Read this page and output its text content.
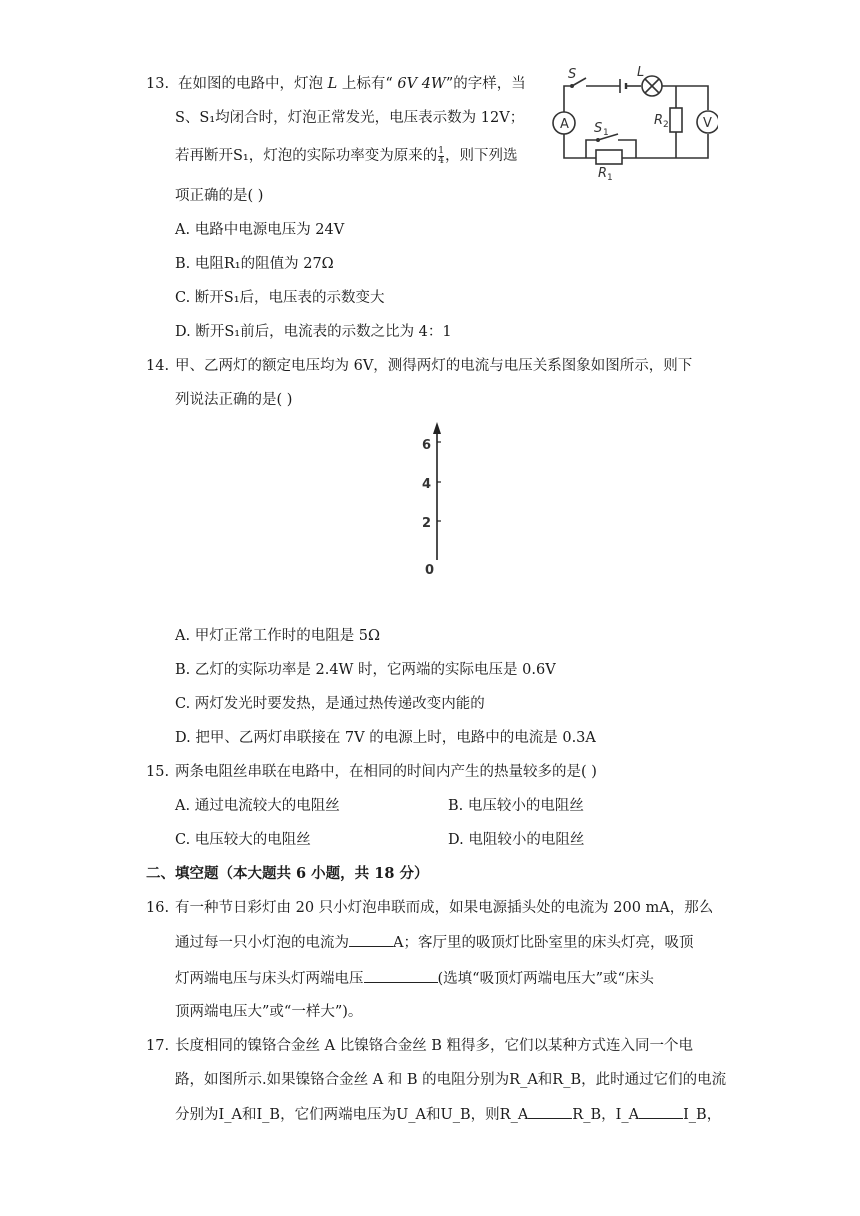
13. 在如图的电路中，灯泡 L 上标有“ 6V 4W”的字样，当
S、S₁均闭合时，灯泡正常发光，电压表示数为 12V；
若再断开S₁，灯泡的实际功率变为原来的 $\frac{1}{4}$ ，则下列选
项正确的是( )
A. 电路中电源电压为 24V
B. 电阻R₁的阻值为 27Ω
C. 断开S₁后，电压表的示数变大
D. 断开S₁前后，电流表的示数之比为 4：1
A	V
S	L
S 1
R 2
R 1
14. 甲、乙两灯的额定电压均为 6V，测得两灯的电流与电压关系图象如图所示，则下
列说法正确的是( )
6
4
2
0
A. 甲灯正常工作时的电阻是 5Ω
B. 乙灯的实际功率是 2.4W 时，它两端的实际电压是 0.6V
C. 两灯发光时要发热，是通过热传递改变内能的
D. 把甲、乙两灯串联接在 7V 的电源上时，电路中的电流是 0.3A
15. 两条电阻丝串联在电路中，在相同的时间内产生的热量较多的是( )
A. 通过电流较大的电阻丝	B. 电压较小的电阻丝
C. 电压较大的电阻丝	D. 电阻较小的电阻丝
二、填空题（本大题共 6 小题，共 18 分）
16. 有一种节日彩灯由 20 只小灯泡串联而成，如果电源插头处的电流为 200 mA，那么
通过每一只小灯泡的电流为	A；客厅里的吸顶灯比卧室里的床头灯亮，吸顶
灯两端电压与床头灯两端电压	(选填“吸顶灯两端电压大”或“床头
顶两端电压大”或“一样大”)。
17. 长度相同的镍铬合金丝 A 比镍铬合金丝 B 粗得多，它们以某种方式连入同一个电
路，如图所示.如果镍铬合金丝 A 和 B 的电阻分别为R_A和R_B，此时通过它们的电流
分别为I_A和I_B，它们两端电压为U_A和U_B，则R_A	R_B，I_A	I_B，
